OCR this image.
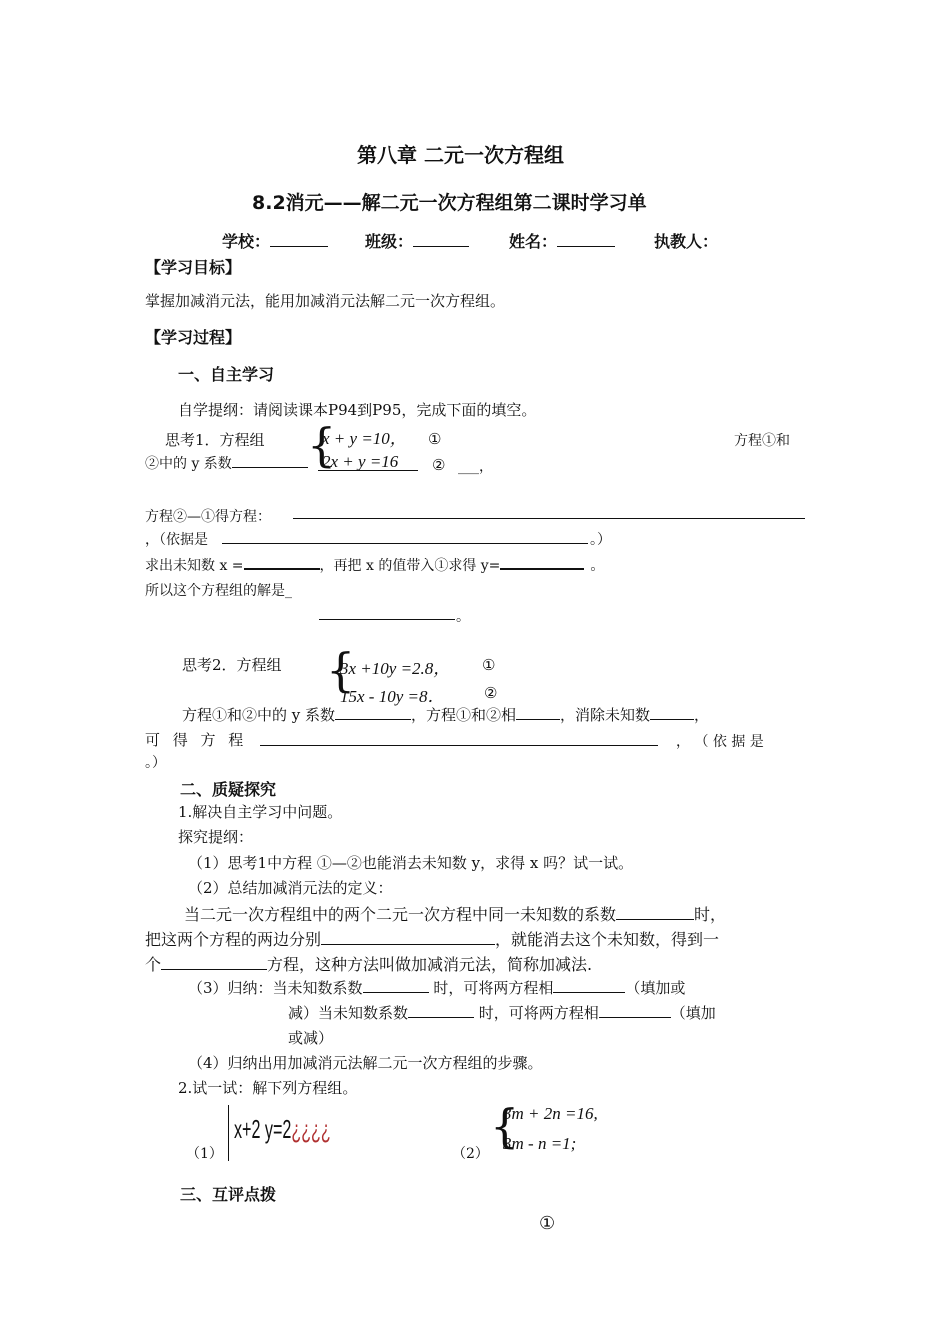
第八章 二元一次方程组
8.2消元——解二元一次方程组第二课时学习单
学校：	班级：	姓名：	执教人：
【学习目标】
掌握加减消元法，能用加减消元法解二元一次方程组。
【学习过程】
一、自主学习
自学提纲：请阅读课本P94到P95，完成下面的填空。
思考1．方程组 {
x + y =10，
2x + y =16
①
②
方程①和
②中的 y 系数	___，
方程②—①得方程：
，（依据是	。）
求出未知数 x =	，再把 x 的值带入①求得 y=	。
所以这个方程组的解是_
。
思考2．方程组 {
3x +10y =2.8，
15x - 10y =8．
①
②
方程①和②中的 y 系数	，方程①和②相	，消除未知数	，
可 得 方 程	， （ 依 据 是
。）
二、质疑探究
1.解决自主学习中问题。
探究提纲：
（1）思考1中方程 ①—②也能消去未知数 y，求得 x 吗？试一试。
（2）总结加减消元法的定义：
当二元一次方程组中的两个二元一次方程中同一未知数的系数	时，
把这两个方程的两边分别	，就能消去这个未知数，得到一
个	方程，这种方法叫做加减消元法，简称加减法.
（3）归纳：当未知数系数	时，可将两方程相	（填加或
减）当未知数系数	时，可将两方程相	（填加
或减）
（4）归纳出用加减消元法解二元一次方程组的步骤。
2.试一试：解下列方程组。
（1）
x+2 y=2¿¿¿¿
（2）
{
3m + 2n =16,
3m - n =1;
三、互评点拨
①
